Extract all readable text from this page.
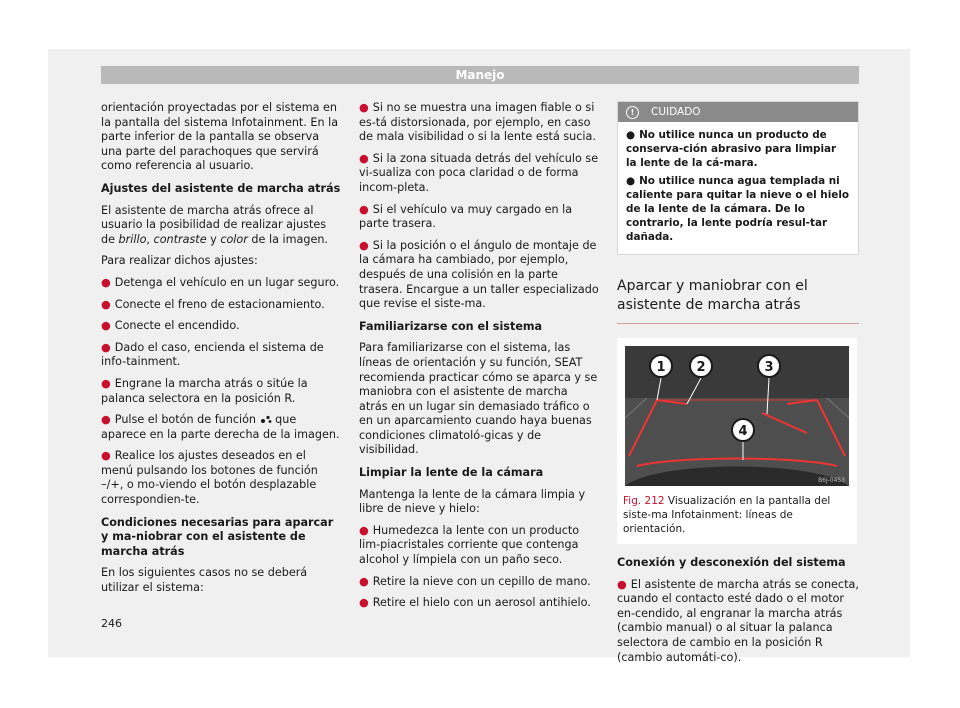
Manejo

orientación proyectadas por el sistema en la pantalla del sistema Infotainment. En la parte inferior de la pantalla se observa una parte del parachoques que servirá como referencia al usuario.

Ajustes del asistente de marcha atrás

El asistente de marcha atrás ofrece al usuario la posibilidad de realizar ajustes de brillo, contraste y color de la imagen.

Para realizar dichos ajustes:

● Detenga el vehículo en un lugar seguro.

● Conecte el freno de estacionamiento.

● Conecte el encendido.

● Dado el caso, encienda el sistema de info-tainment.

● Engrane la marcha atrás o sitúe la palanca selectora en la posición R.

● Pulse el botón de función  que aparece en la parte derecha de la imagen.

● Realice los ajustes deseados en el menú pulsando los botones de función –/+, o mo-viendo el botón desplazable correspondien-te.

Condiciones necesarias para aparcar y ma-niobrar con el asistente de marcha atrás

En los siguientes casos no se deberá utilizar el sistema:

● Si no se muestra una imagen fiable o si es-tá distorsionada, por ejemplo, en caso de mala visibilidad o si la lente está sucia.

● Si la zona situada detrás del vehículo se vi-sualiza con poca claridad o de forma incom-pleta.

● Si el vehículo va muy cargado en la parte trasera.

● Si la posición o el ángulo de montaje de la cámara ha cambiado, por ejemplo, después de una colisión en la parte trasera. Encargue a un taller especializado que revise el siste-ma.

Familiarizarse con el sistema

Para familiarizarse con el sistema, las líneas de orientación y su función, SEAT recomienda practicar cómo se aparca y se maniobra con el asistente de marcha atrás en un lugar sin demasiado tráfico o en un aparcamiento cuando haya buenas condiciones climatoló-gicas y de visibilidad.

Limpiar la lente de la cámara

Mantenga la lente de la cámara limpia y libre de nieve y hielo:

● Humedezca la lente con un producto lim-piacristales corriente que contenga alcohol y límpiela con un paño seco.

● Retire la nieve con un cepillo de mano.

● Retire el hielo con un aerosol antihielo.

!	CUIDADO

● No utilice nunca un producto de conserva-ción abrasivo para limpiar la lente de la cá-mara.

● No utilice nunca agua templada ni caliente para quitar la nieve o el hielo de la lente de la cámara. De lo contrario, la lente podría resul-tar dañada.

Aparcar y maniobrar con el asistente de marcha atrás
1 2	3
4
B6J-0453
Fig. 212 Visualización en la pantalla del siste-ma Infotainment: líneas de orientación.

Conexión y desconexión del sistema

● El asistente de marcha atrás se conecta, cuando el contacto esté dado o el motor en-cendido, al engranar la marcha atrás (cambio manual) o al situar la palanca selectora de cambio en la posición R (cambio automáti-co).

246
